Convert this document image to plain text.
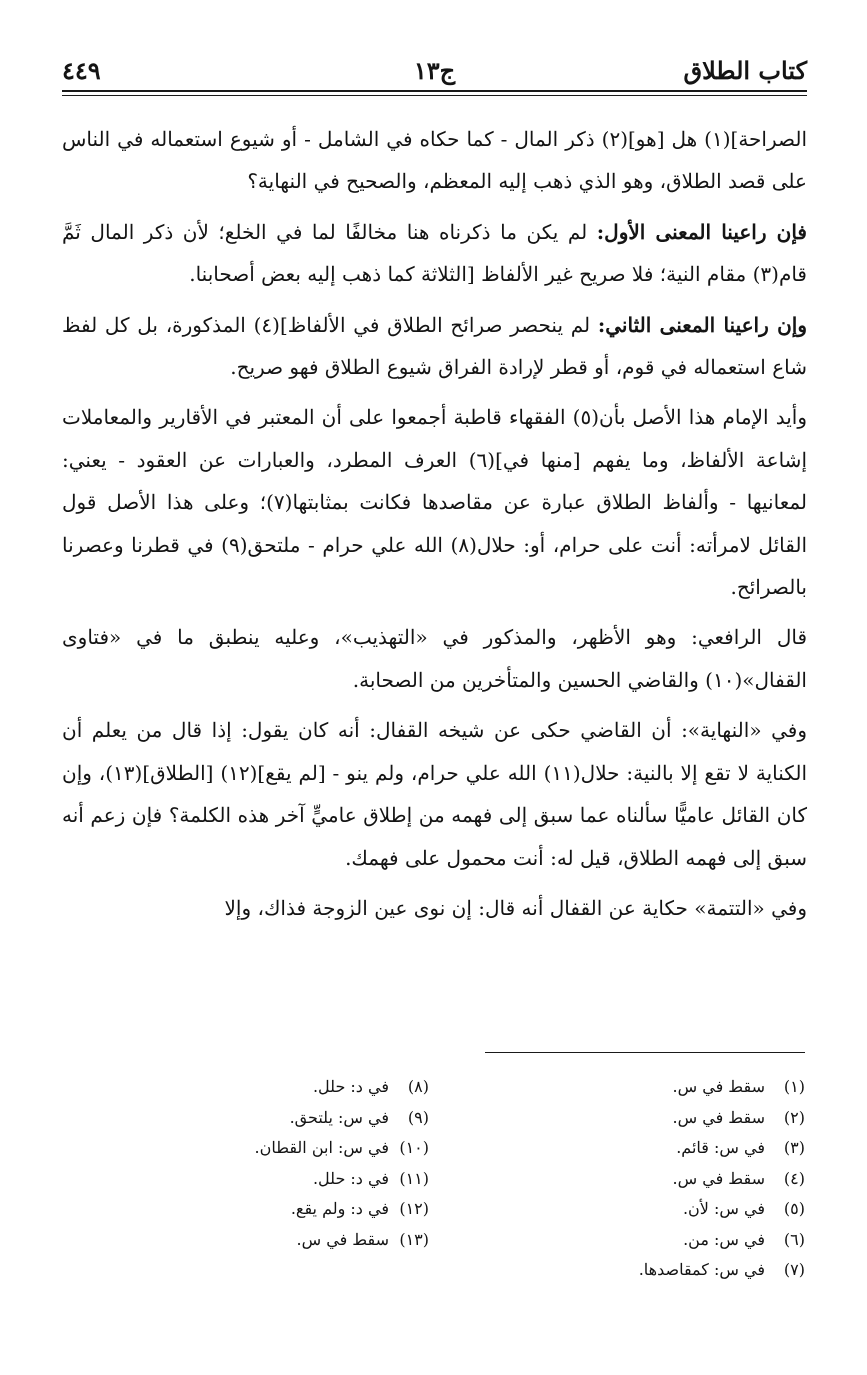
كتاب الطلاق
ج١٣
٤٤٩

الصراحة](١) هل [هو](٢) ذكر المال - كما حكاه في الشامل - أو شيوع استعماله في الناس على قصد الطلاق، وهو الذي ذهب إليه المعظم، والصحيح في النهاية؟

فإن راعينا المعنى الأول: لم يكن ما ذكرناه هنا مخالفًا لما في الخلع؛ لأن ذكر المال ثَمَّ قام(٣) مقام النية؛ فلا صريح غير الألفاظ [الثلاثة كما ذهب إليه بعض أصحابنا.

وإن راعينا المعنى الثاني: لم ينحصر صرائح الطلاق في الألفاظ](٤) المذكورة، بل كل لفظ شاع استعماله في قوم، أو قطر لإرادة الفراق شيوع الطلاق فهو صريح.

وأيد الإمام هذا الأصل بأن(٥) الفقهاء قاطبة أجمعوا على أن المعتبر في الأقارير والمعاملات إشاعة الألفاظ، وما يفهم [منها في](٦) العرف المطرد، والعبارات عن العقود - يعني: لمعانيها - وألفاظ الطلاق عبارة عن مقاصدها فكانت بمثابتها(٧)؛ وعلى هذا الأصل قول القائل لامرأته: أنت على حرام، أو: حلال(٨) الله علي حرام - ملتحق(٩) في قطرنا وعصرنا بالصرائح.

قال الرافعي: وهو الأظهر، والمذكور في «التهذيب»، وعليه ينطبق ما في «فتاوى القفال»(١٠) والقاضي الحسين والمتأخرين من الصحابة.

وفي «النهاية»: أن القاضي حكى عن شيخه القفال: أنه كان يقول: إذا قال من يعلم أن الكناية لا تقع إلا بالنية: حلال(١١) الله علي حرام، ولم ينو - [لم يقع](١٢) [الطلاق](١٣)، وإن كان القائل عاميًّا سألناه عما سبق إلى فهمه من إطلاق عاميٍّ آخر هذه الكلمة؟ فإن زعم أنه سبق إلى فهمه الطلاق، قيل له: أنت محمول على فهمك.

وفي «التتمة» حكاية عن القفال أنه قال: إن نوى عين الزوجة فذاك، وإلا

(١)سقط في س.
(٢)سقط في س.
(٣)في س: قائم.
(٤)سقط في س.
(٥)في س: لأن.
(٦)في س: من.
(٧)في س: كمقاصدها.
(٨)في د: حلل.
(٩)في س: يلتحق.
(١٠)في س: ابن القطان.
(١١)في د: حلل.
(١٢)في د: ولم يقع.
(١٣)سقط في س.
